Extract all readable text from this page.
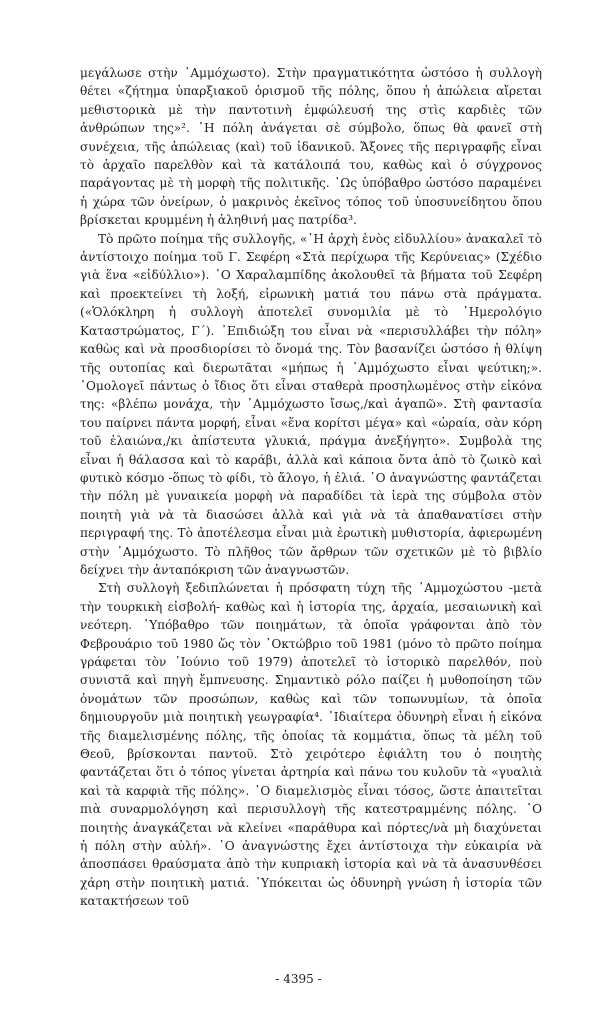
μεγάλωσε στὴν ᾿Αμμόχωστο). Στὴν πραγματικότητα ὡστόσο ἡ συλλογὴ θέτει «ζήτημα ὑπαρξιακοῦ ὁρισμοῦ τῆς πόλης, ὅπου ἡ ἀπώλεια αἴρεται μεθιστορικὰ μὲ τὴν παντοτινὴ ἐμφώλευσή της στὶς καρδιὲς τῶν ἀνθρώπων της»². ῾Η πόλη ἀνάγεται σὲ σύμβολο, ὅπως θὰ φανεῖ στὴ συνέχεια, τῆς ἀπώλειας (καὶ) τοῦ ἰδανικοῦ. Ἄξονες τῆς περιγραφῆς εἶναι τὸ ἀρχαῖο παρελθὸν καὶ τὰ κατάλοιπά του, καθὼς καὶ ὁ σύγχρονος παράγοντας μὲ τὴ μορφὴ τῆς πολιτικῆς. ῾Ως ὑπόβαθρο ὡστόσο παραμένει ἡ χώρα τῶν ὀνείρων, ὁ μακρινὸς ἐκεῖνος τόπος τοῦ ὑποσυνείδητου ὅπου βρίσκεται κρυμμένη ἡ ἀληθινή μας πατρίδα³.

Τὸ πρῶτο ποίημα τῆς συλλογῆς, «῾Η ἀρχὴ ἑνὸς εἰδυλλίου» ἀνακαλεῖ τὸ ἀντίστοιχο ποίημα τοῦ Γ. Σεφέρη «Στὰ περίχωρα τῆς Κερύνειας» (Σχέδιο γιὰ ἕνα «εἰδύλλιο»). ῾Ο Χαραλαμπίδης ἀκολουθεῖ τὰ βήματα τοῦ Σεφέρη καὶ προεκτείνει τὴ λοξή, εἰρωνικὴ ματιά του πάνω στὰ πράγματα. («Ὁλόκληρη ἡ συλλογὴ ἀποτελεῖ συνομιλία μὲ τὸ ῾Ημερολόγιο Καταστρώματος, Γ΄). ᾿Επιδιώξη του εἶναι νὰ «περισυλλάβει τὴν πόλη» καθὼς καὶ νὰ προσδιορίσει τὸ ὄνομά της. Τὸν βασανίζει ὡστόσο ἡ θλίψη τῆς ουτοπίας καὶ διερωτᾶται «μήπως ἡ ᾿Αμμόχωστο εἶναι ψεύτικη;». ῾Ομολογεῖ πάντως ὁ ἴδιος ὅτι εἶναι σταθερὰ προσηλωμένος στὴν εἰκόνα της: «βλέπω μονάχα, τὴν ᾿Αμμόχωστο ἴσως,/καὶ ἀγαπῶ». Στὴ φαντασία του παίρνει πάντα μορφή, εἶναι «ἕνα κορίτσι μέγα» καὶ «ὡραία, σὰν κόρη τοῦ ἐλαιώνα,/κι ἀπίστευτα γλυκιά, πράγμα ἀνεξήγητο». Συμβολὰ της εἶναι ἡ θάλασσα καὶ τὸ καράβι, ἀλλὰ καὶ κάποια ὄντα ἀπὸ τὸ ζωικὸ καὶ φυτικὸ κόσμο -ὅπως τὸ φίδι, τὸ ἄλογο, ἡ ἐλιά. ῾Ο ἀναγνώστης φαντάζεται τὴν πόλη μὲ γυναικεία μορφὴ νὰ παραδίδει τὰ ἱερὰ της σύμβολα στὸν ποιητὴ γιὰ νὰ τὰ διασώσει ἀλλὰ καὶ γιὰ νὰ τὰ ἀπαθανατίσει στὴν περιγραφή της. Τὸ ἀποτέλεσμα εἶναι μιὰ ἐρωτικὴ μυθιστορία, ἀφιερωμένη στὴν ᾿Αμμόχωστο. Τὸ πλῆθος τῶν ἄρθρων τῶν σχετικῶν μὲ τὸ βιβλίο δείχνει τὴν ἀνταπόκριση τῶν ἀναγνωστῶν.

Στὴ συλλογὴ ξεδιπλώνεται ἡ πρόσφατη τύχη τῆς ᾿Αμμοχώστου -μετὰ τὴν τουρκικὴ εἰσβολή- καθὼς καὶ ἡ ἱστορία της, ἀρχαία, μεσαιωνικὴ καὶ νεότερη. ῾Υπόβαθρο τῶν ποιημάτων, τὰ ὁποῖα γράφονται ἀπὸ τὸν Φεβρουάριο τοῦ 1980 ὥς τὸν ᾿Οκτώβριο τοῦ 1981 (μόνο τὸ πρῶτο ποίημα γράφεται τὸν ᾿Ιούνιο τοῦ 1979) ἀποτελεῖ τὸ ἱστορικὸ παρελθόν, ποὺ συνιστᾶ καὶ πηγὴ ἔμπνευσης. Σημαντικὸ ρόλο παίζει ἡ μυθοποίηση τῶν ὀνομάτων τῶν προσώπων, καθὼς καὶ τῶν τοπωνυμίων, τὰ ὁποῖα δημιουργοῦν μιὰ ποιητικὴ γεωγραφία⁴. ᾿Ιδιαίτερα ὀδυνηρὴ εἶναι ἡ εἰκόνα τῆς διαμελισμένης πόλης, τῆς ὁποίας τὰ κομμάτια, ὅπως τὰ μέλη τοῦ Θεοῦ, βρίσκονται παντοῦ. Στὸ χειρότερο ἐφιάλτη του ὁ ποιητὴς φαντάζεται ὅτι ὁ τόπος γίνεται ἀρτηρία καὶ πάνω του κυλοῦν τὰ «γυαλιὰ καὶ τὰ καρφιὰ τῆς πόλης». ῾Ο διαμελισμὸς εἶναι τόσος, ὥστε ἀπαιτεῖται πιὰ συναρμολόγηση καὶ περισυλλογὴ τῆς κατεστραμμένης πόλης. ῾Ο ποιητὴς ἀναγκάζεται νὰ κλείνει «παράθυρα καὶ πόρτες/νὰ μὴ διαχύνεται ἡ πόλη στὴν αὐλή». ῾Ο ἀναγνώστης ἔχει ἀντίστοιχα τὴν εὐκαιρία νὰ ἀποσπάσει θραύσματα ἀπὸ τὴν κυπριακὴ ἱστορία καὶ νὰ τὰ ἀνασυνθέσει χάρη στὴν ποιητικὴ ματιά. ῾Υπόκειται ὡς ὀδυνηρὴ γνώση ἡ ἱστορία τῶν κατακτήσεων τοῦ

- 4395 -
